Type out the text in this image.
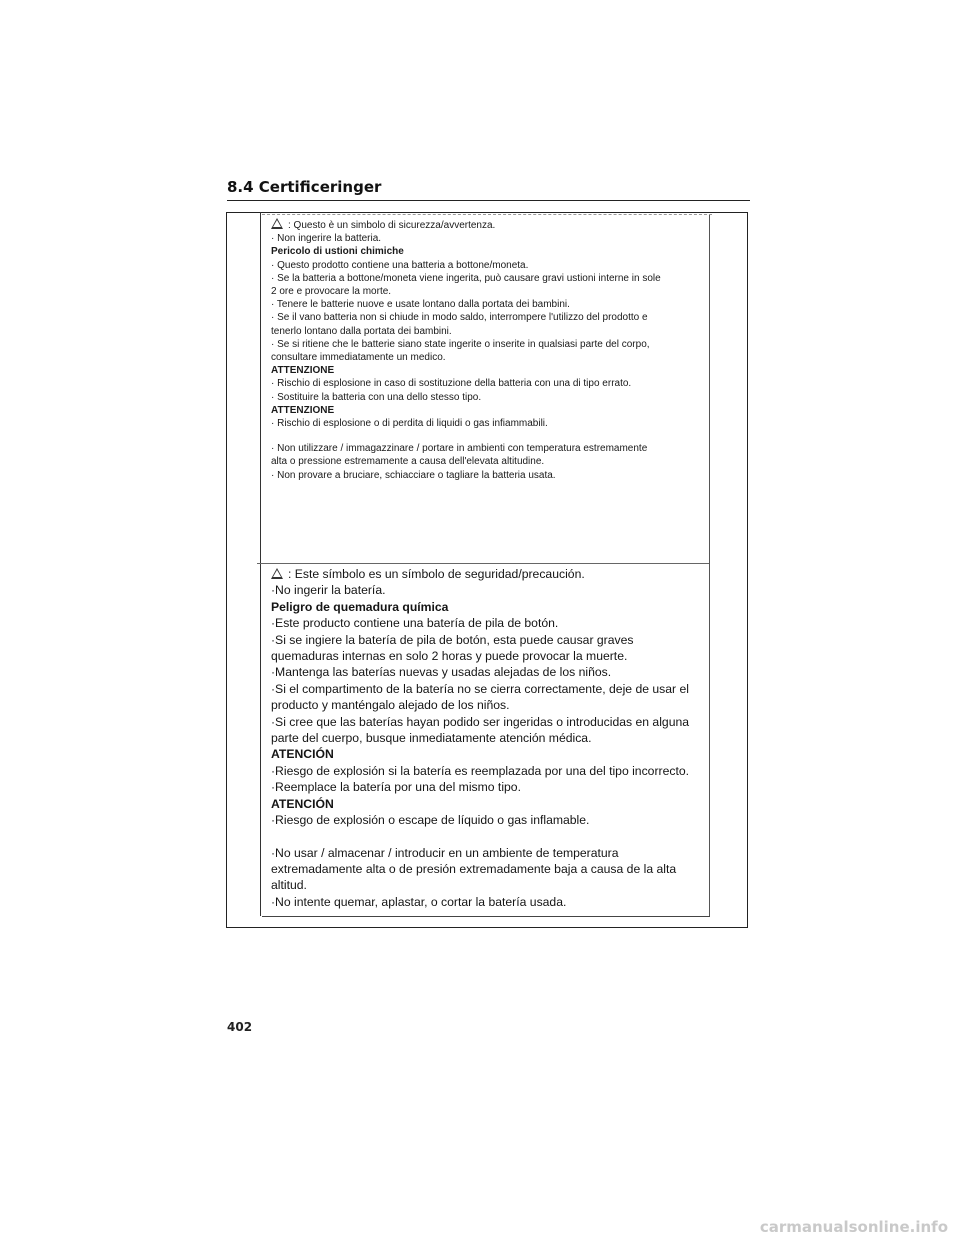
8.4 Certificeringer
: Questo è un simbolo di sicurezza/avvertenza.
· Non ingerire la batteria.
Pericolo di ustioni chimiche
· Questo prodotto contiene una batteria a bottone/moneta.
· Se la batteria a bottone/moneta viene ingerita, può causare gravi ustioni interne in sole
2 ore e provocare la morte.
· Tenere le batterie nuove e usate lontano dalla portata dei bambini.
· Se il vano batteria non si chiude in modo saldo, interrompere l'utilizzo del prodotto e
tenerlo lontano dalla portata dei bambini.
· Se si ritiene che le batterie siano state ingerite o inserite in qualsiasi parte del corpo,
consultare immediatamente un medico.
ATTENZIONE
· Rischio di esplosione in caso di sostituzione della batteria con una di tipo errato.
· Sostituire la batteria con una dello stesso tipo.
ATTENZIONE
· Rischio di esplosione o di perdita di liquidi o gas infiammabili.
· Non utilizzare / immagazzinare / portare in ambienti con temperatura estremamente
alta o pressione estremamente a causa dell'elevata altitudine.
· Non provare a bruciare, schiacciare o tagliare la batteria usata.
: Este símbolo es un símbolo de seguridad/precaución.
·No ingerir la batería.
Peligro de quemadura química
·Este producto contiene una batería de pila de botón.
·Si se ingiere la batería de pila de botón, esta puede causar graves
quemaduras internas en solo 2 horas y puede provocar la muerte.
·Mantenga las baterías nuevas y usadas alejadas de los niños.
·Si el compartimento de la batería no se cierra correctamente, deje de usar el
producto y manténgalo alejado de los niños.
·Si cree que las baterías hayan podido ser ingeridas o introducidas en alguna
parte del cuerpo, busque inmediatamente atención médica.
ATENCIÓN
·Riesgo de explosión si la batería es reemplazada por una del tipo incorrecto.
·Reemplace la batería por una del mismo tipo.
ATENCIÓN
·Riesgo de explosión o escape de líquido o gas inflamable.
·No usar / almacenar / introducir en un ambiente de temperatura
extremadamente alta o de presión extremadamente baja a causa de la alta
altitud.
·No intente quemar, aplastar, o cortar la batería usada.
402
carmanualsonline.info
